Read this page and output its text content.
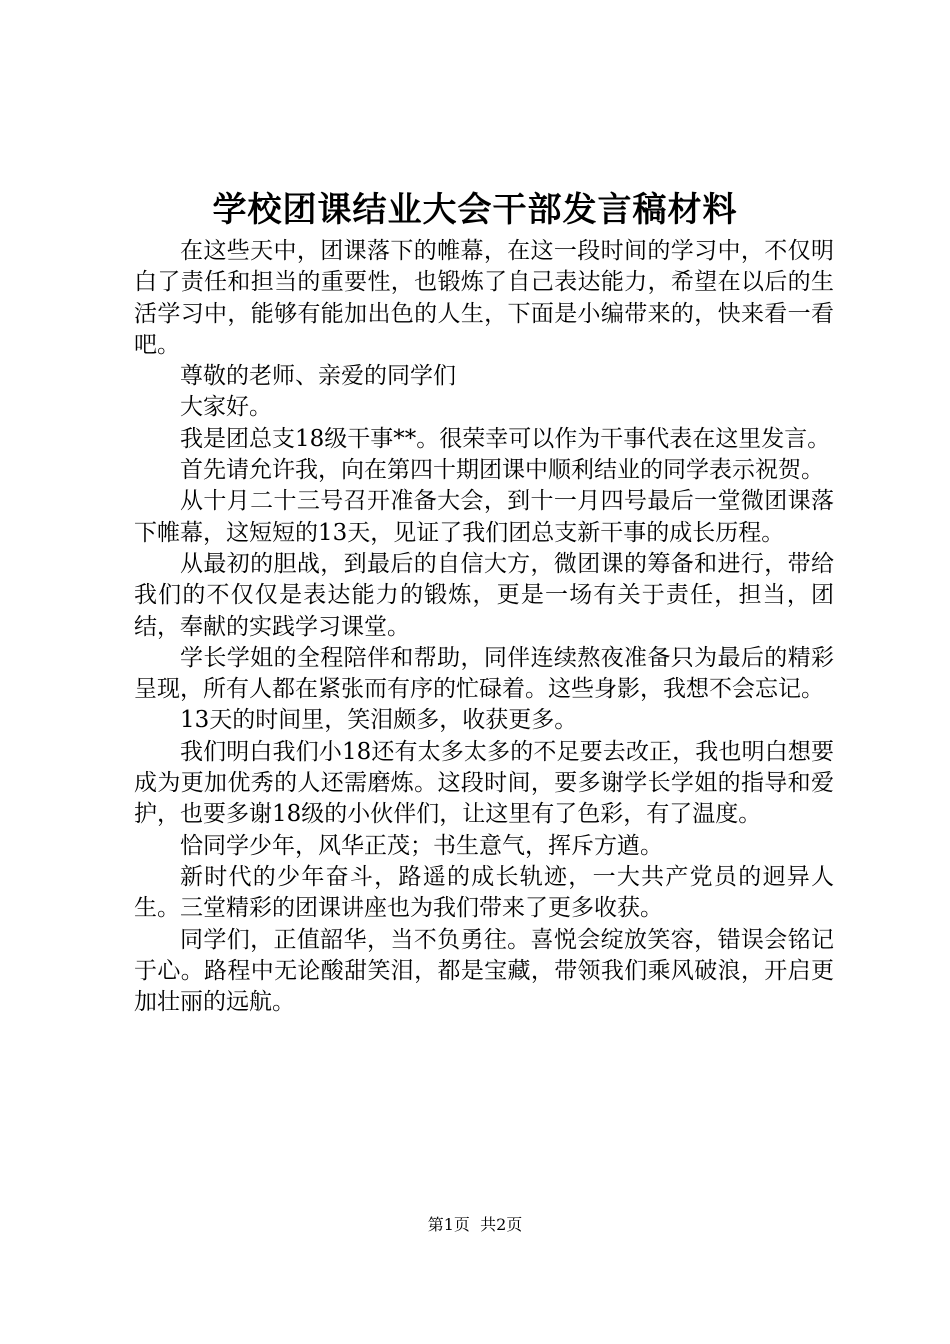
学校团课结业大会干部发言稿材料

在这些天中，团课落下的帷幕，在这一段时间的学习中，不仅明白了责任和担当的重要性，也锻炼了自己表达能力，希望在以后的生活学习中，能够有能加出色的人生，下面是小编带来的，快来看一看吧。

尊敬的老师、亲爱的同学们

大家好。

我是团总支18级干事**。很荣幸可以作为干事代表在这里发言。

首先请允许我，向在第四十期团课中顺利结业的同学表示祝贺。

从十月二十三号召开准备大会，到十一月四号最后一堂微团课落下帷幕，这短短的13天，见证了我们团总支新干事的成长历程。

从最初的胆战，到最后的自信大方，微团课的筹备和进行，带给我们的不仅仅是表达能力的锻炼，更是一场有关于责任，担当，团结，奉献的实践学习课堂。

学长学姐的全程陪伴和帮助，同伴连续熬夜准备只为最后的精彩呈现，所有人都在紧张而有序的忙碌着。这些身影，我想不会忘记。

13天的时间里，笑泪颇多，收获更多。

我们明白我们小18还有太多太多的不足要去改正，我也明白想要成为更加优秀的人还需磨炼。这段时间，要多谢学长学姐的指导和爱护，也要多谢18级的小伙伴们，让这里有了色彩，有了温度。

恰同学少年，风华正茂；书生意气，挥斥方遒。

新时代的少年奋斗，路遥的成长轨迹，一大共产党员的迥异人生。三堂精彩的团课讲座也为我们带来了更多收获。

同学们，正值韶华，当不负勇往。喜悦会绽放笑容，错误会铭记于心。路程中无论酸甜笑泪，都是宝藏，带领我们乘风破浪，开启更加壮丽的远航。

第1页  共2页
